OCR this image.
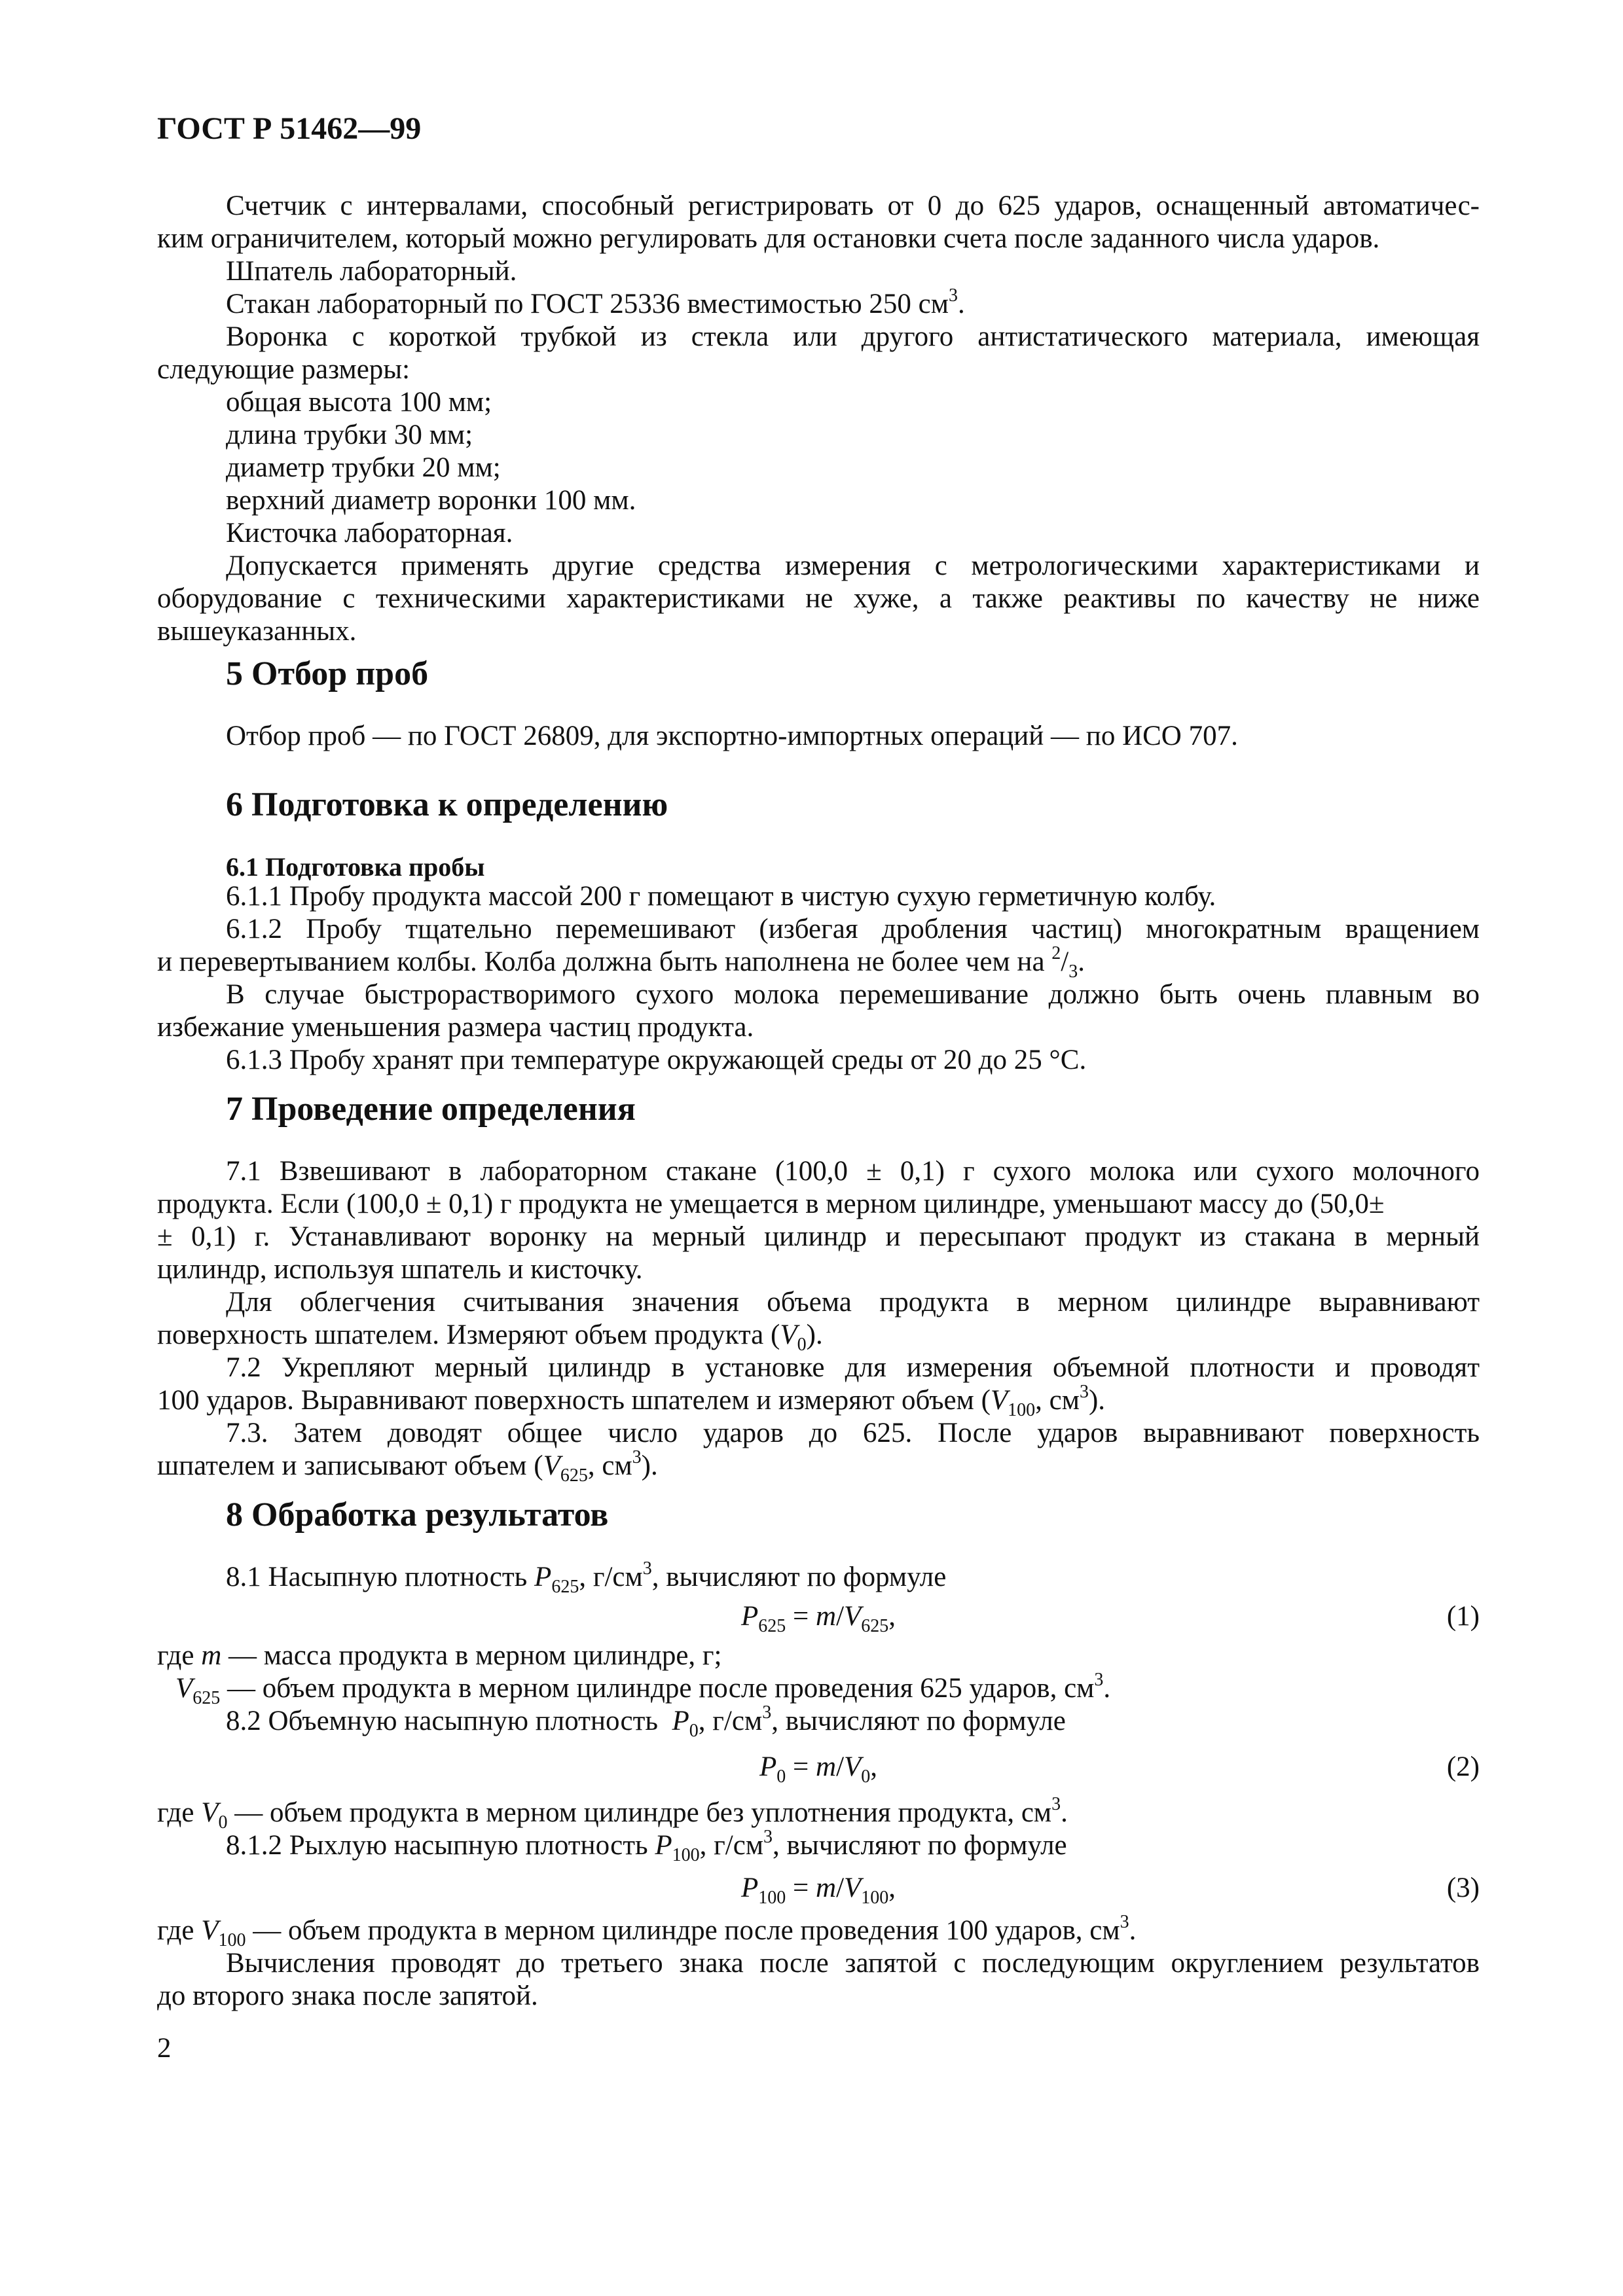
ГОСТ Р 51462—99
Счетчик с интервалами, способный регистрировать от 0 до 625 ударов, оснащенный автоматичес-
ким ограничителем, который можно регулировать для остановки счета после заданного числа ударов.
Шпатель лабораторный.
Стакан лабораторный по ГОСТ 25336 вместимостью 250 $см^3$.
Воронка с короткой трубкой из стекла или другого антистатического материала, имеющая
следующие размеры:
общая высота 100 мм;
длина трубки 30 мм;
диаметр трубки 20 мм;
верхний диаметр воронки 100 мм.
Кисточка лабораторная.
Допускается применять другие средства измерения с метрологическими характеристиками и
оборудование с техническими характеристиками не хуже, а также реактивы по качеству не ниже
вышеуказанных.
5 Отбор проб
Отбор проб — по ГОСТ 26809, для экспортно-импортных операций — по ИСО 707.
6 Подготовка к определению
6.1 Подготовка пробы
6.1.1 Пробу продукта массой 200 г помещают в чистую сухую герметичную колбу.
6.1.2 Пробу тщательно перемешивают (избегая дробления частиц) многократным вращением
и перевертыванием колбы. Колба должна быть наполнена не более чем на $^2/_3$.
В случае быстрорастворимого сухого молока перемешивание должно быть очень плавным во
избежание уменьшения размера частиц продукта.
6.1.3 Пробу хранят при температуре окружающей среды от 20 до 25 °С.
7 Проведение определения
7.1 Взвешивают в лабораторном стакане (100,0 ± 0,1) г сухого молока или сухого молочного
продукта. Если (100,0 ± 0,1) г продукта не умещается в мерном цилиндре, уменьшают массу до (50,0±
± 0,1) г. Устанавливают воронку на мерный цилиндр и пересыпают продукт из стакана в мерный
цилиндр, используя шпатель и кисточку.
Для облегчения считывания значения объема продукта в мерном цилиндре выравнивают
поверхность шпателем. Измеряют объем продукта $(V_0)$.
7.2 Укрепляют мерный цилиндр в установке для измерения объемной плотности и проводят
100 ударов. Выравнивают поверхность шпателем и измеряют объем ($V_{100}$, $см^3$).
7.3. Затем доводят общее число ударов до 625. После ударов выравнивают поверхность
шпателем и записывают объем ($V_{625}$, $см^3$).
8 Обработка результатов
8.1 Насыпную плотность $P_{625}$, $г/см^3$, вычисляют по формуле
$P_{625} = m/V_{625}$,	(1)
где m — масса продукта в мерном цилиндре, г;
$V_{625}$ — объем продукта в мерном цилиндре после проведения 625 ударов, $см^3$.
8.2 Объемную насыпную плотность $P_0$, $г/см^3$, вычисляют по формуле
$P_0 = m/V_0$,	(2)
где $V_0$ — объем продукта в мерном цилиндре без уплотнения продукта, $см^3$.
8.1.2 Рыхлую насыпную плотность $P_{100}$, $г/см^3$, вычисляют по формуле
$P_{100} = m/V_{100}$,	(3)
где $V_{100}$ — объем продукта в мерном цилиндре после проведения 100 ударов, $см^3$.
Вычисления проводят до третьего знака после запятой с последующим округлением результатов
до второго знака после запятой.
2
